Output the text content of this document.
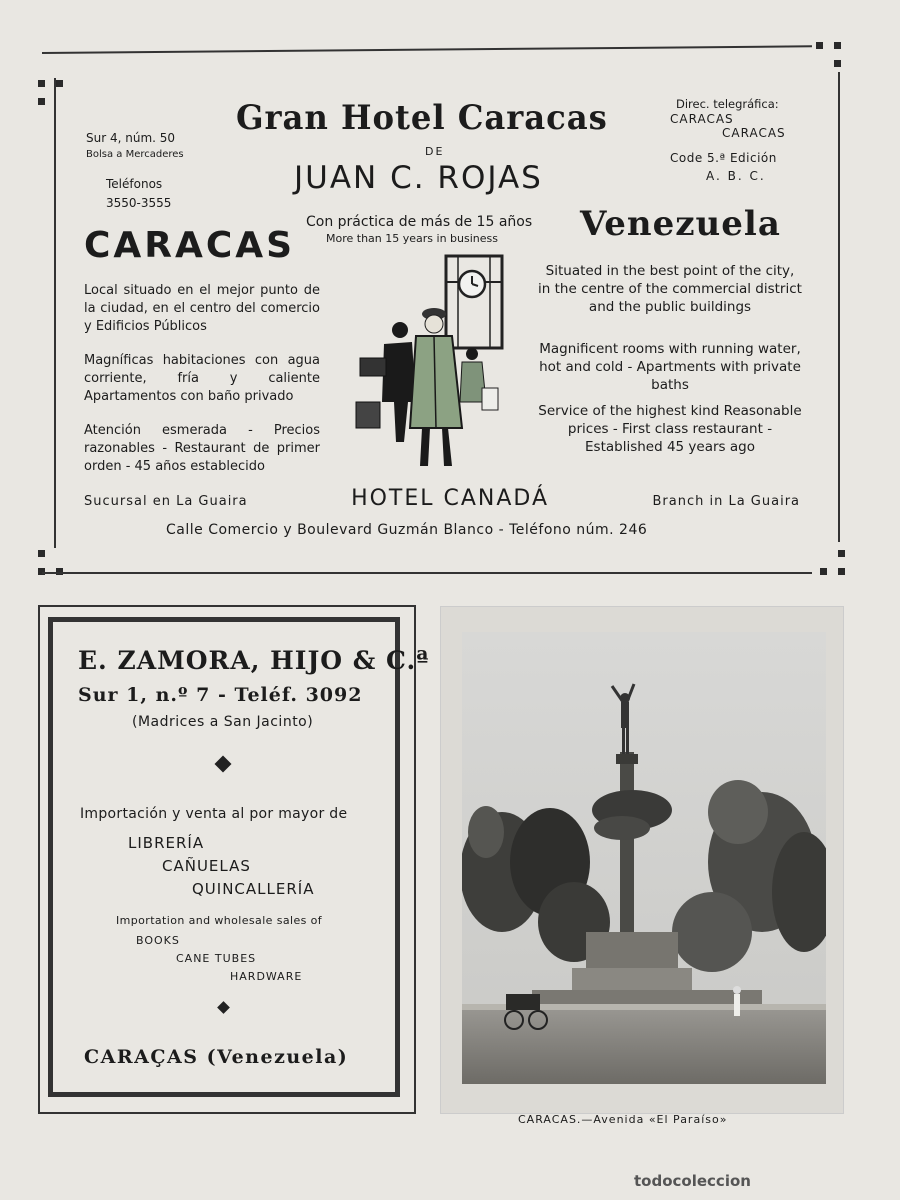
Sur 4, núm. 50
Bolsa a Mercaderes
Teléfonos
3550-3555
Gran Hotel Caracas
DE
JUAN C. ROJAS
Con práctica de más de 15 años
More than 15 years in business
Direc. telegráfica:
CARACAS
CARACAS
Code 5.ª Edición
A. B. C.
CARACAS
Venezuela
Local situado en el mejor punto de la ciudad, en el centro del comercio y Edificios Públicos
Magníficas habitaciones con agua corriente, fría y caliente Apartamentos con baño privado
Atención esmerada - Precios razonables - Restaurant de primer orden - 45 años establecido
Situated in the best point of the city, in the centre of the commercial district and the public buildings
Magnificent rooms with running water, hot and cold - Apartments with private baths
Service of the highest kind Reasonable prices - First class restaurant - Established 45 years ago
Sucursal en La Guaira	HOTEL CANADÁ	Branch in La Guaira
Calle Comercio y Boulevard Guzmán Blanco - Teléfono núm. 246
E. ZAMORA, HIJO & C.ª
Sur 1, n.º 7 - Teléf. 3092
(Madrices a San Jacinto)
Importación y venta al por mayor de
LIBRERÍA
CAÑUELAS
QUINCALLERÍA
Importation and wholesale sales of
BOOKS
CANE TUBES
HARDWARE
CARAÇAS (Venezuela)
CARACAS.—Avenida «El Paraíso»
todocoleccion
